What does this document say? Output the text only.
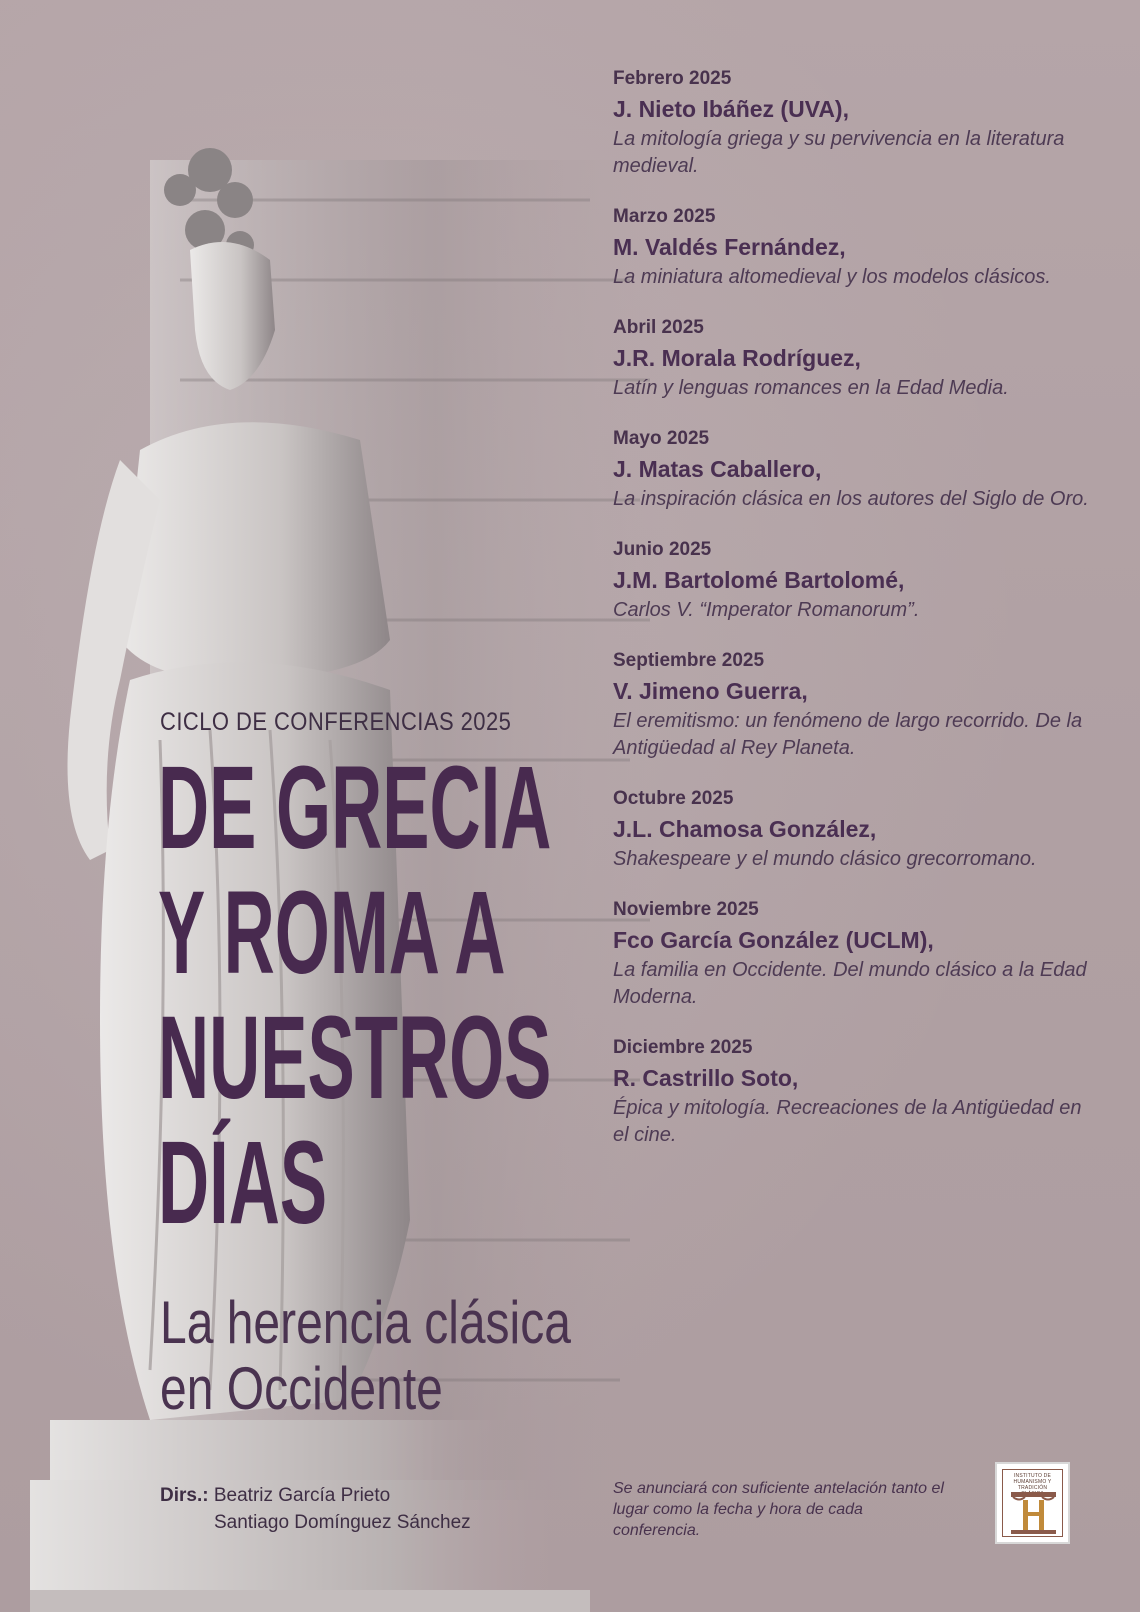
CICLO DE CONFERENCIAS 2025
DE GRECIA
Y ROMA A
NUESTROS
DÍAS
La herencia clásica
en Occidente
Dirs.: Beatriz García Prieto
Santiago Domínguez Sánchez
Febrero 2025
J. Nieto Ibáñez (UVA),
La mitología griega y su pervivencia en la literatura medieval.
Marzo 2025
M. Valdés Fernández,
La miniatura altomedieval y los modelos clásicos.
Abril 2025
J.R. Morala Rodríguez,
Latín y lenguas romances en la Edad Media.
Mayo 2025
J. Matas Caballero,
La inspiración clásica en los autores del Siglo de Oro.
Junio 2025
J.M. Bartolomé Bartolomé,
Carlos V. “Imperator Romanorum”.
Septiembre 2025
V. Jimeno Guerra,
El eremitismo: un fenómeno de largo recorrido. De la Antigüedad al Rey Planeta.
Octubre 2025
J.L. Chamosa González,
Shakespeare y el mundo clásico grecorromano.
Noviembre 2025
Fco García González (UCLM),
La familia en Occidente. Del mundo clásico a la Edad Moderna.
Diciembre 2025
R. Castrillo Soto,
Épica y mitología. Recreaciones de la Antigüedad en el cine.
Se anunciará con suficiente antelación tanto el lugar como la fecha y hora de cada conferencia.
INSTITUTO DE HUMANISMO Y TRADICIÓN
